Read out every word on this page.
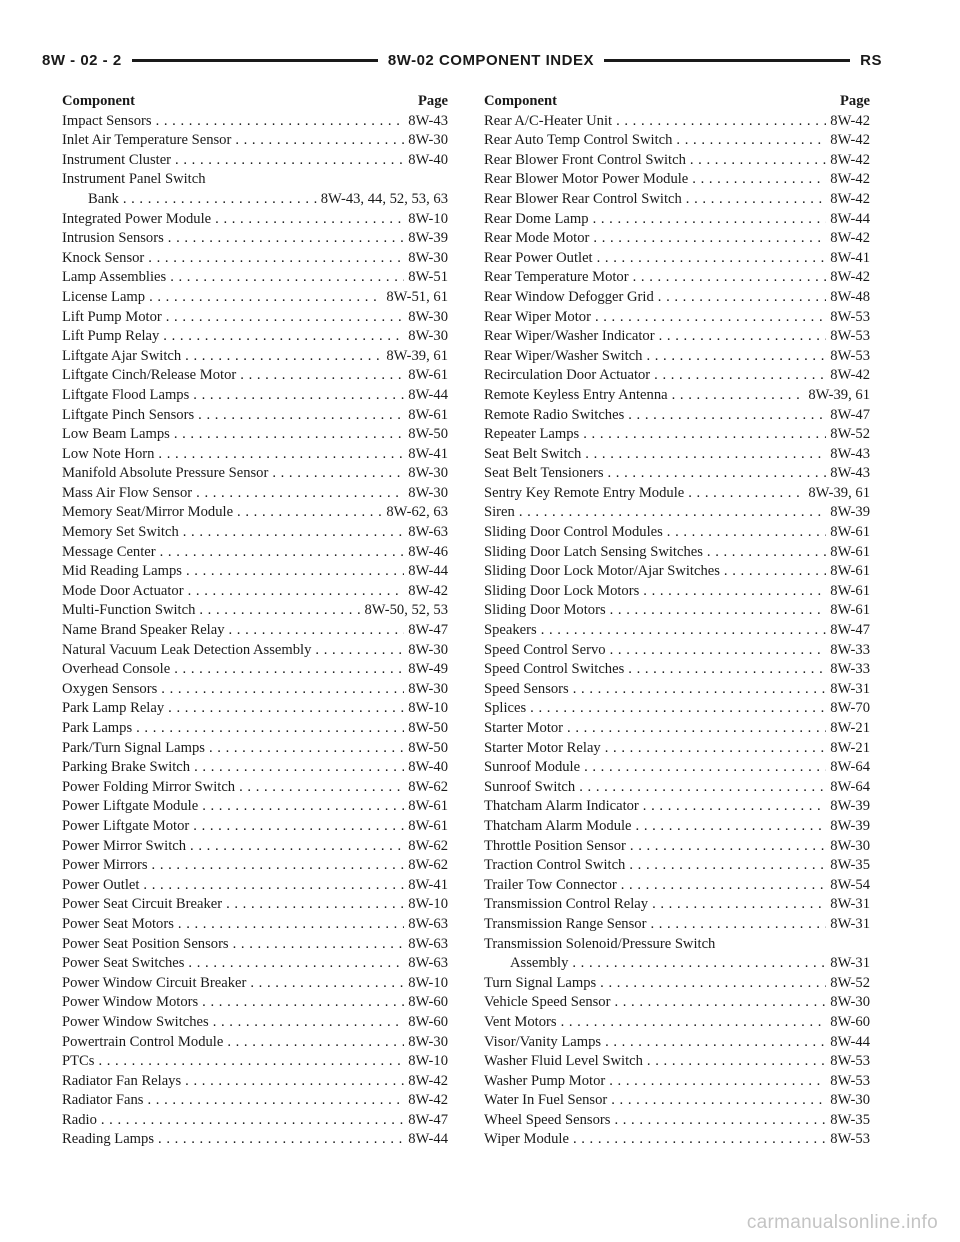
8W - 02 - 2	8W-02 COMPONENT INDEX	RS
Component	Page
Impact Sensors . . .	8W-43
Inlet Air Temperature Sensor . . .	8W-30
Instrument Cluster . . .	8W-40
Instrument Panel Switch
Bank . . .	8W-43, 44, 52, 53, 63
Integrated Power Module . . .	8W-10
Intrusion Sensors . . .	8W-39
Knock Sensor . . .	8W-30
Lamp Assemblies . . .	8W-51
License Lamp . . .	8W-51, 61
Lift Pump Motor . . .	8W-30
Lift Pump Relay . . .	8W-30
Liftgate Ajar Switch . . .	8W-39, 61
Liftgate Cinch/Release Motor . . .	8W-61
Liftgate Flood Lamps . . .	8W-44
Liftgate Pinch Sensors . . .	8W-61
Low Beam Lamps . . .	8W-50
Low Note Horn . . .	8W-41
Manifold Absolute Pressure Sensor . . .	8W-30
Mass Air Flow Sensor . . .	8W-30
Memory Seat/Mirror Module . . .	8W-62, 63
Memory Set Switch . . .	8W-63
Message Center . . .	8W-46
Mid Reading Lamps . . .	8W-44
Mode Door Actuator . . .	8W-42
Multi-Function Switch . . .	8W-50, 52, 53
Name Brand Speaker Relay . . .	8W-47
Natural Vacuum Leak Detection Assembly . . .	8W-30
Overhead Console . . .	8W-49
Oxygen Sensors . . .	8W-30
Park Lamp Relay . . .	8W-10
Park Lamps . . .	8W-50
Park/Turn Signal Lamps . . .	8W-50
Parking Brake Switch . . .	8W-40
Power Folding Mirror Switch . . .	8W-62
Power Liftgate Module . . .	8W-61
Power Liftgate Motor . . .	8W-61
Power Mirror Switch . . .	8W-62
Power Mirrors . . .	8W-62
Power Outlet . . .	8W-41
Power Seat Circuit Breaker . . .	8W-10
Power Seat Motors . . .	8W-63
Power Seat Position Sensors . . .	8W-63
Power Seat Switches . . .	8W-63
Power Window Circuit Breaker . . .	8W-10
Power Window Motors . . .	8W-60
Power Window Switches . . .	8W-60
Powertrain Control Module . . .	8W-30
PTCs . . .	8W-10
Radiator Fan Relays . . .	8W-42
Radiator Fans . . .	8W-42
Radio . . .	8W-47
Reading Lamps . . .	8W-44
Component	Page
Rear A/C-Heater Unit . . .	8W-42
Rear Auto Temp Control Switch . . .	8W-42
Rear Blower Front Control Switch . . .	8W-42
Rear Blower Motor Power Module . . .	8W-42
Rear Blower Rear Control Switch . . .	8W-42
Rear Dome Lamp . . .	8W-44
Rear Mode Motor . . .	8W-42
Rear Power Outlet . . .	8W-41
Rear Temperature Motor . . .	8W-42
Rear Window Defogger Grid . . .	8W-48
Rear Wiper Motor . . .	8W-53
Rear Wiper/Washer Indicator . . .	8W-53
Rear Wiper/Washer Switch . . .	8W-53
Recirculation Door Actuator . . .	8W-42
Remote Keyless Entry Antenna . . .	8W-39, 61
Remote Radio Switches . . .	8W-47
Repeater Lamps . . .	8W-52
Seat Belt Switch . . .	8W-43
Seat Belt Tensioners . . .	8W-43
Sentry Key Remote Entry Module . . .	8W-39, 61
Siren . . .	8W-39
Sliding Door Control Modules . . .	8W-61
Sliding Door Latch Sensing Switches . . .	8W-61
Sliding Door Lock Motor/Ajar Switches . . .	8W-61
Sliding Door Lock Motors . . .	8W-61
Sliding Door Motors . . .	8W-61
Speakers . . .	8W-47
Speed Control Servo . . .	8W-33
Speed Control Switches . . .	8W-33
Speed Sensors . . .	8W-31
Splices . . .	8W-70
Starter Motor . . .	8W-21
Starter Motor Relay . . .	8W-21
Sunroof Module . . .	8W-64
Sunroof Switch . . .	8W-64
Thatcham Alarm Indicator . . .	8W-39
Thatcham Alarm Module . . .	8W-39
Throttle Position Sensor . . .	8W-30
Traction Control Switch . . .	8W-35
Trailer Tow Connector . . .	8W-54
Transmission Control Relay . . .	8W-31
Transmission Range Sensor . . .	8W-31
Transmission Solenoid/Pressure Switch
Assembly . . .	8W-31
Turn Signal Lamps . . .	8W-52
Vehicle Speed Sensor . . .	8W-30
Vent Motors . . .	8W-60
Visor/Vanity Lamps . . .	8W-44
Washer Fluid Level Switch . . .	8W-53
Washer Pump Motor . . .	8W-53
Water In Fuel Sensor . . .	8W-30
Wheel Speed Sensors . . .	8W-35
Wiper Module . . .	8W-53
carmanualsonline.info
